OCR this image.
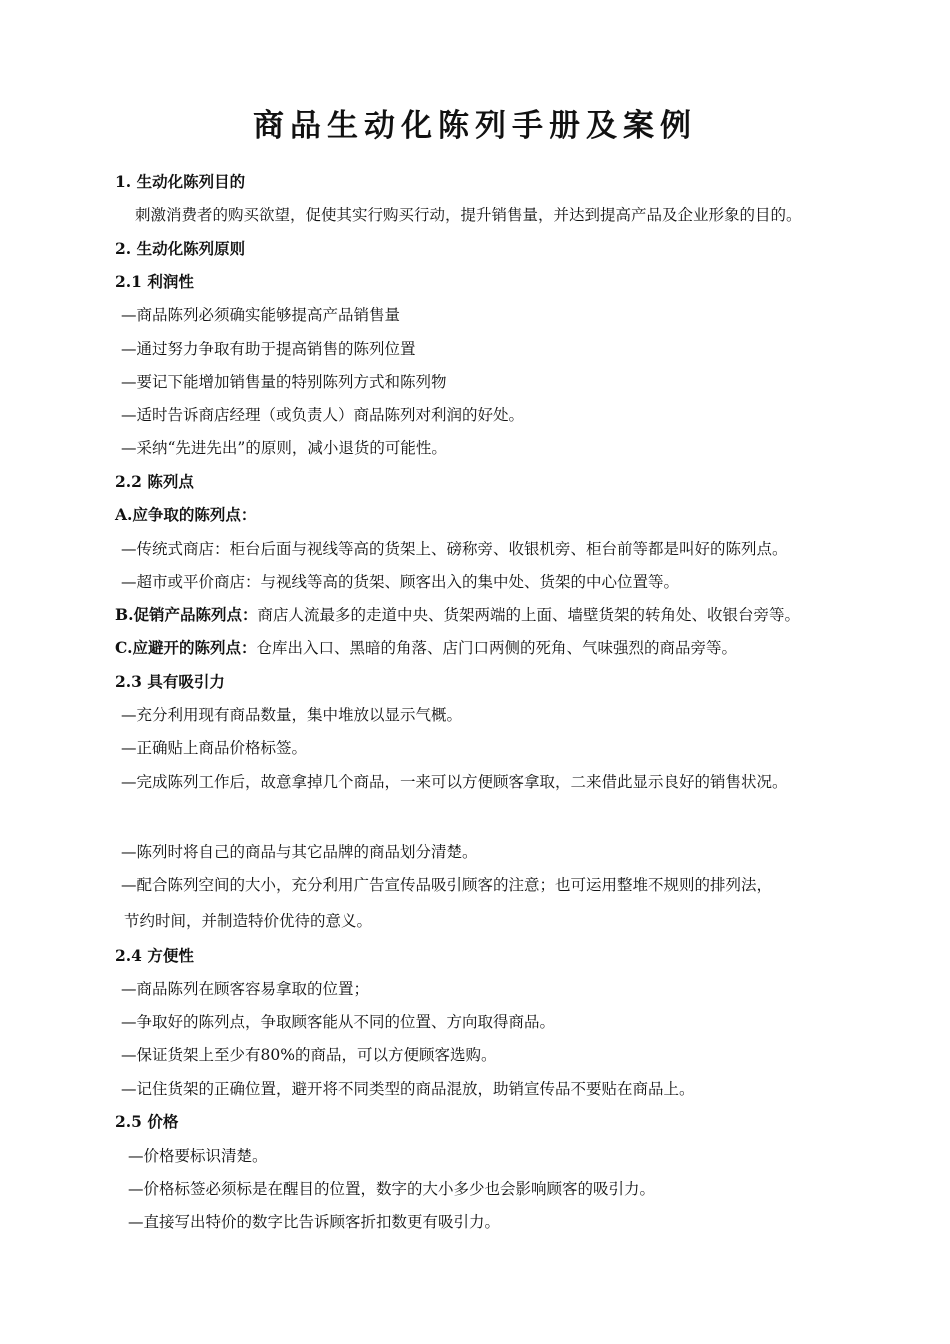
商品生动化陈列手册及案例
1. 生动化陈列目的
刺激消费者的购买欲望，促使其实行购买行动，提升销售量，并达到提高产品及企业形象的目的。
2. 生动化陈列原则
2.1 利润性
—商品陈列必须确实能够提高产品销售量
—通过努力争取有助于提高销售的陈列位置
—要记下能增加销售量的特别陈列方式和陈列物
—适时告诉商店经理（或负责人）商品陈列对利润的好处。
—采纳“先进先出”的原则，减小退货的可能性。
2.2 陈列点
A.应争取的陈列点：
—传统式商店：柜台后面与视线等高的货架上、磅称旁、收银机旁、柜台前等都是叫好的陈列点。
—超市或平价商店：与视线等高的货架、顾客出入的集中处、货架的中心位置等。
B.促销产品陈列点：商店人流最多的走道中央、货架两端的上面、墙壁货架的转角处、收银台旁等。
C.应避开的陈列点：仓库出入口、黑暗的角落、店门口两侧的死角、气味强烈的商品旁等。
2.3 具有吸引力
—充分利用现有商品数量，集中堆放以显示气概。
—正确贴上商品价格标签。
—完成陈列工作后，故意拿掉几个商品，一来可以方便顾客拿取，二来借此显示良好的销售状况。
—陈列时将自己的商品与其它品牌的商品划分清楚。
—配合陈列空间的大小，充分利用广告宣传品吸引顾客的注意；也可运用整堆不规则的排列法，
节约时间，并制造特价优待的意义。
2.4 方便性
—商品陈列在顾客容易拿取的位置；
—争取好的陈列点，争取顾客能从不同的位置、方向取得商品。
—保证货架上至少有80%的商品，可以方便顾客选购。
—记住货架的正确位置，避开将不同类型的商品混放，助销宣传品不要贴在商品上。
2.5 价格
—价格要标识清楚。
—价格标签必须标是在醒目的位置，数字的大小多少也会影响顾客的吸引力。
—直接写出特价的数字比告诉顾客折扣数更有吸引力。
